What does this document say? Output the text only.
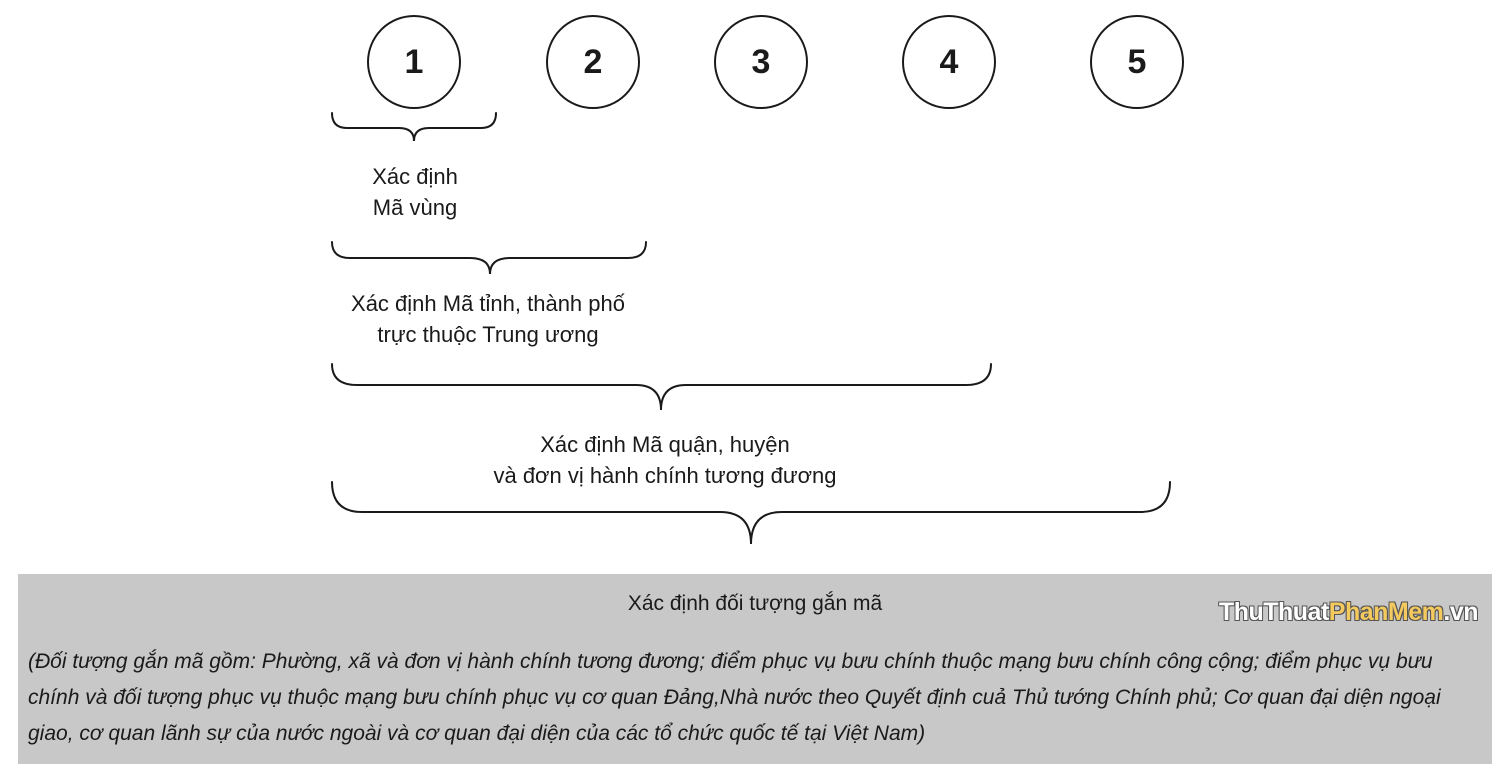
1	2	3	4	5
Xác định
Mã vùng
Xác định Mã tỉnh, thành phố
trực thuộc Trung ương
Xác định Mã quận, huyện
và đơn vị hành chính tương đương
Xác định đối tượng gắn mã	ThuThuatPhanMem.vn
(Đối tượng gắn mã gồm: Phường, xã và đơn vị hành chính tương đương; điểm phục vụ bưu chính thuộc mạng bưu chính công cộng; điểm phục vụ bưu chính và đối tượng phục vụ thuộc mạng bưu chính phục vụ cơ quan Đảng,Nhà nước theo Quyết định cuả Thủ tướng Chính phủ; Cơ quan đại diện ngoại giao, cơ quan lãnh sự của nước ngoài và cơ quan đại diện của các tổ chức quốc tế tại Việt Nam)
